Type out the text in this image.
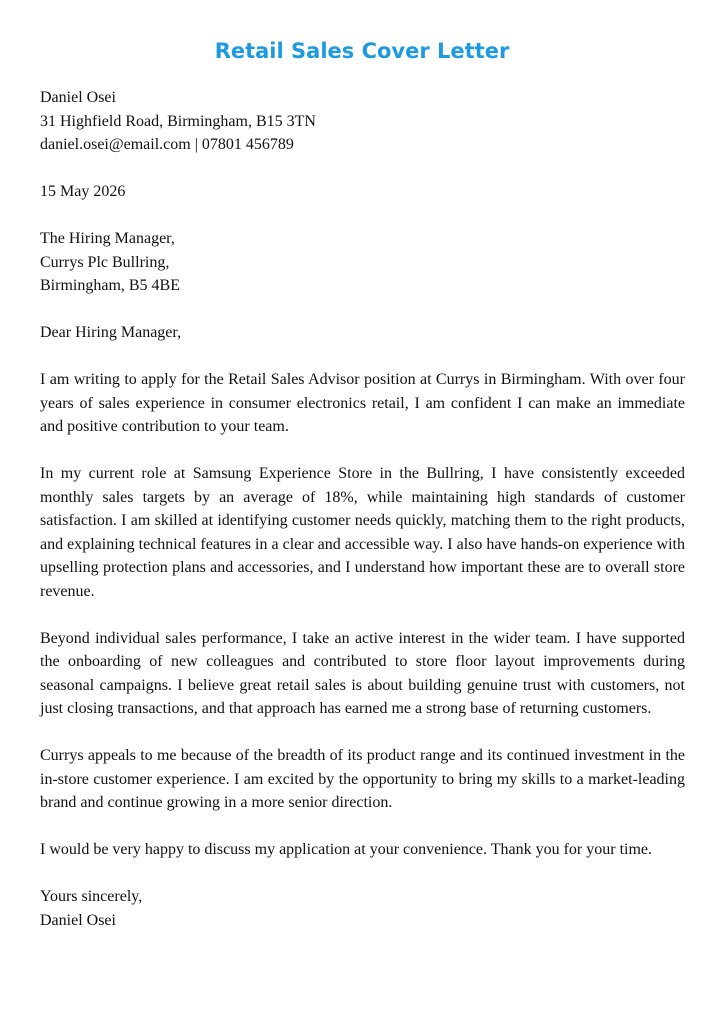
Retail Sales Cover Letter
Daniel Osei
31 Highfield Road, Birmingham, B15 3TN
daniel.osei@email.com | 07801 456789
15 May 2026
The Hiring Manager,
Currys Plc Bullring,
Birmingham, B5 4BE
Dear Hiring Manager,

I am writing to apply for the Retail Sales Advisor position at Currys in Birmingham. With over four years of sales experience in consumer electronics retail, I am confident I can make an immediate and positive contribution to your team.

In my current role at Samsung Experience Store in the Bullring, I have consistently exceeded monthly sales targets by an average of 18%, while maintaining high standards of customer satisfaction. I am skilled at identifying customer needs quickly, matching them to the right products, and explaining technical features in a clear and accessible way. I also have hands-on experience with upselling protection plans and accessories, and I understand how important these are to overall store revenue.

Beyond individual sales performance, I take an active interest in the wider team. I have supported the onboarding of new colleagues and contributed to store floor layout improvements during seasonal campaigns. I believe great retail sales is about building genuine trust with customers, not just closing transactions, and that approach has earned me a strong base of returning customers.

Currys appeals to me because of the breadth of its product range and its continued investment in the in-store customer experience. I am excited by the opportunity to bring my skills to a market-leading brand and continue growing in a more senior direction.

I would be very happy to discuss my application at your convenience. Thank you for your time.

Yours sincerely,
Daniel Osei
